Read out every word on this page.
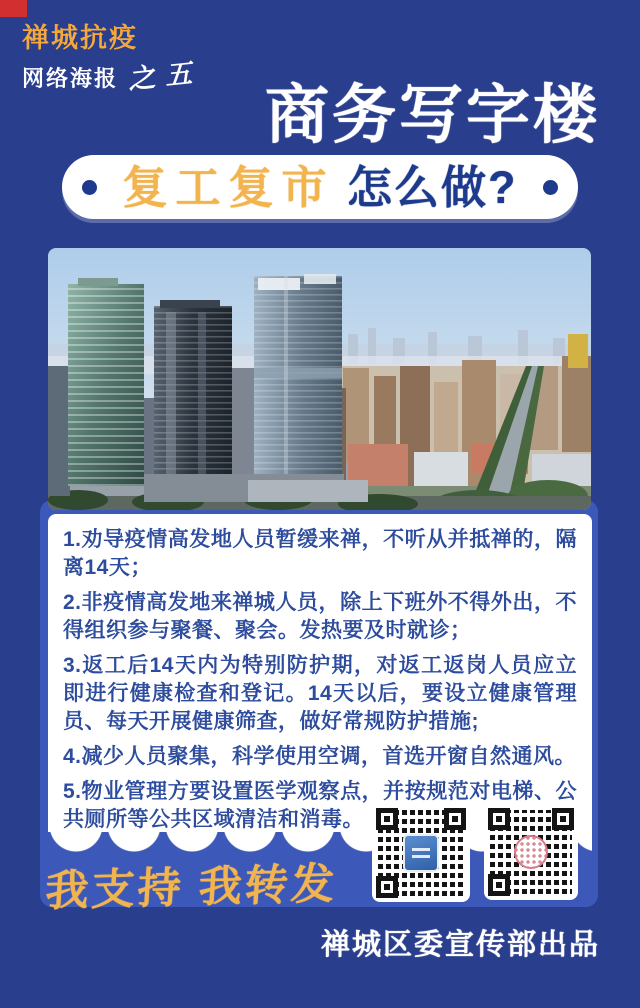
禅城抗疫
网络海报 之五
商务写字楼
复工复市 怎么做?

1.劝导疫情高发地人员暂缓来禅，不听从并抵禅的，隔离14天；

2.非疫情高发地来禅城人员，除上下班外不得外出，不得组织参与聚餐、聚会。发热要及时就诊；

3.返工后14天内为特别防护期，对返工返岗人员应立即进行健康检查和登记。14天以后，要设立健康管理员、每天开展健康筛查，做好常规防护措施;

4.减少人员聚集，科学使用空调，首选开窗自然通风。

5.物业管理方要设置医学观察点，并按规范对电梯、公共厕所等公共区域清洁和消毒。

我支持 我转发
禅城区委宣传部出品
